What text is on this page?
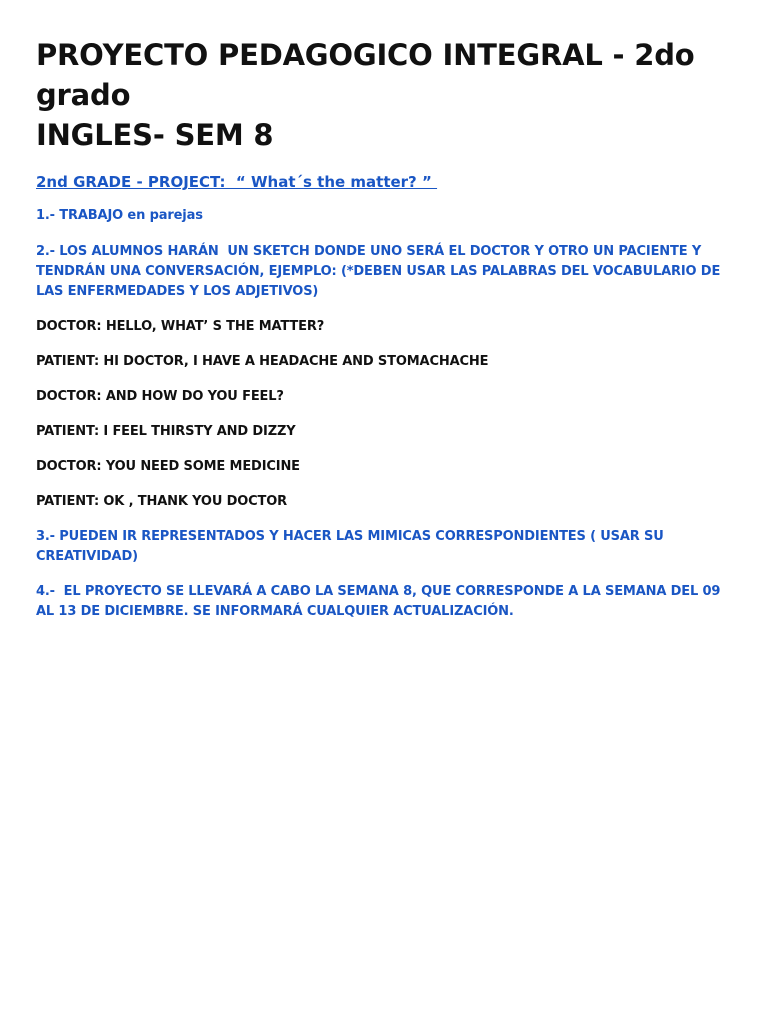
PROYECTO PEDAGOGICO INTEGRAL - 2do grado
INGLES- SEM 8

2nd GRADE - PROJECT:  “ What´s the matter? ”

1.- TRABAJO en parejas

2.- LOS ALUMNOS HARÁN  UN SKETCH DONDE UNO SERÁ EL DOCTOR Y OTRO UN PACIENTE Y TENDRÁN UNA CONVERSACIÓN, EJEMPLO: (*DEBEN USAR LAS PALABRAS DEL VOCABULARIO DE LAS ENFERMEDADES Y LOS ADJETIVOS)

DOCTOR: HELLO, WHAT’ S THE MATTER?

PATIENT: HI DOCTOR, I HAVE A HEADACHE AND STOMACHACHE

DOCTOR: AND HOW DO YOU FEEL?

PATIENT: I FEEL THIRSTY AND DIZZY

DOCTOR: YOU NEED SOME MEDICINE

PATIENT: OK , THANK YOU DOCTOR

3.- PUEDEN IR REPRESENTADOS Y HACER LAS MIMICAS CORRESPONDIENTES ( USAR SU CREATIVIDAD)

4.-  EL PROYECTO SE LLEVARÁ A CABO LA SEMANA 8, QUE CORRESPONDE A LA SEMANA DEL 09 AL 13 DE DICIEMBRE. SE INFORMARÁ CUALQUIER ACTUALIZACIÓN.
